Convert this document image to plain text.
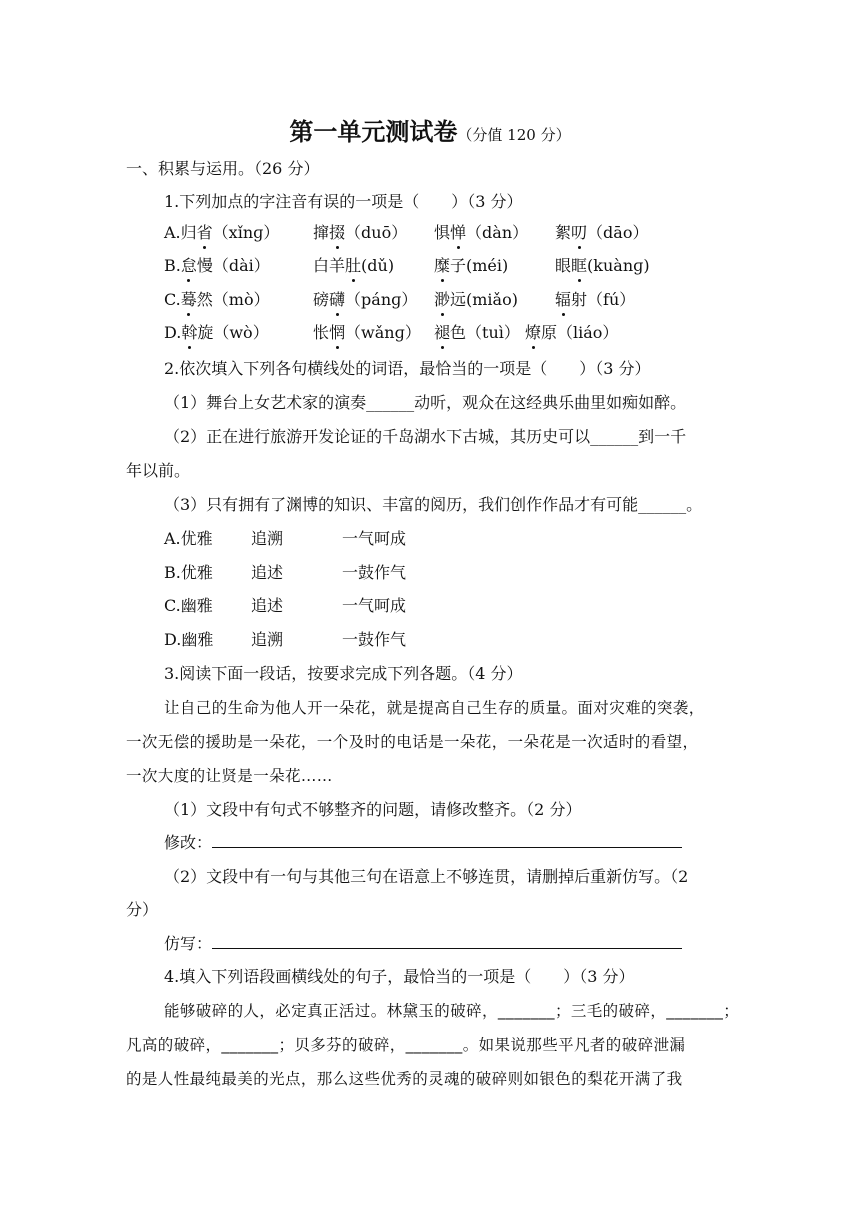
第一单元测试卷（分值 120 分）
一、积累与运用。（26 分）
1.下列加点的字注音有误的一项是（　　）（3 分）
A.归省（xǐnɡ） 撺掇（duō） 惧惮（dàn） 絮叨（dāo）
B.怠慢（dài）	白羊肚(dǔ) 糜子(méi)	眼眶(kuànɡ)
C.蓦然（mò）	磅礴（pánɡ） 渺远(miǎo) 辐射（fú）
D.斡旋（wò）	怅惘（wǎnɡ） 褪色（tuì） 燎原（liáo）
2.依次填入下列各句横线处的词语，最恰当的一项是（　　）（3 分）
（1）舞台上女艺术家的演奏______动听，观众在这经典乐曲里如痴如醉。
（2）正在进行旅游开发论证的千岛湖水下古城，其历史可以______到一千
年以前。
（3）只有拥有了渊博的知识、丰富的阅历，我们创作作品才有可能______。
A.优雅 追溯	一气呵成
B.优雅 追述	一鼓作气
C.幽雅 追述	一气呵成
D.幽雅 追溯	一鼓作气
3.阅读下面一段话，按要求完成下列各题。（4 分）
让自己的生命为他人开一朵花，就是提高自己生存的质量。面对灾难的突袭，
一次无偿的援助是一朵花，一个及时的电话是一朵花，一朵花是一次适时的看望，
一次大度的让贤是一朵花……
（1）文段中有句式不够整齐的问题，请修改整齐。（2 分）
修改：
（2）文段中有一句与其他三句在语意上不够连贯，请删掉后重新仿写。（2
分）
仿写：
4.填入下列语段画横线处的句子，最恰当的一项是（　　）（3 分）
能够破碎的人，必定真正活过。林黛玉的破碎，_______；三毛的破碎，_______；
凡高的破碎，_______；贝多芬的破碎，_______。如果说那些平凡者的破碎泄漏
的是人性最纯最美的光点，那么这些优秀的灵魂的破碎则如银色的梨花开满了我
